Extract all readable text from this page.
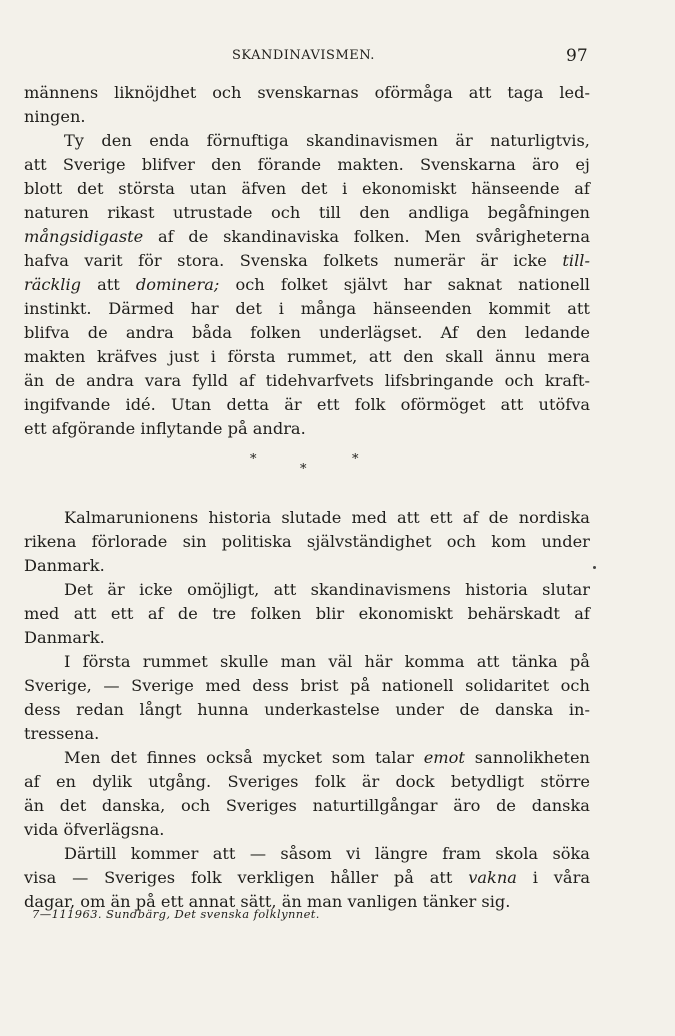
SKANDINAVISMEN.	97
männens liknöjdhet och svenskarnas oförmåga att taga led-
ningen.
Ty den enda förnuftiga skandinavismen är naturligtvis,
att Sverige blifver den förande makten. Svenskarna äro ej
blott det största utan äfven det i ekonomiskt hänseende af
naturen rikast utrustade och till den andliga begåfningen
mångsidigaste af de skandinaviska folken. Men svårigheterna
hafva varit för stora. Svenska folkets numerär är icke till-
räcklig att dominera; och folket självt har saknat nationell
instinkt. Därmed har det i många hänseenden kommit att
blifva de andra båda folken underlägset. Af den ledande
makten kräfves just i första rummet, att den skall ännu mera
än de andra vara fylld af tidehvarfvets lifsbringande och kraft-
ingifvande idé. Utan detta är ett folk oförmöget att utöfva
ett afgörande inflytande på andra.
*	*
*
Kalmarunionens historia slutade med att ett af de nordiska
rikena förlorade sin politiska självständighet och kom under
Danmark.
Det är icke omöjligt, att skandinavismens historia slutar
med att ett af de tre folken blir ekonomiskt behärskadt af
Danmark.
I första rummet skulle man väl här komma att tänka på
Sverige, — Sverige med dess brist på nationell solidaritet och
dess redan långt hunna underkastelse under de danska in-
tressena.
Men det finnes också mycket som talar emot sannolikheten
af en dylik utgång. Sveriges folk är dock betydligt större
än det danska, och Sveriges naturtillgångar äro de danska
vida öfverlägsna.
Därtill kommer att — såsom vi längre fram skola söka
visa — Sveriges folk verkligen håller på att vakna i våra
dagar, om än på ett annat sätt, än man vanligen tänker sig.
7—111963. Sundbärg, Det svenska folklynnet.
